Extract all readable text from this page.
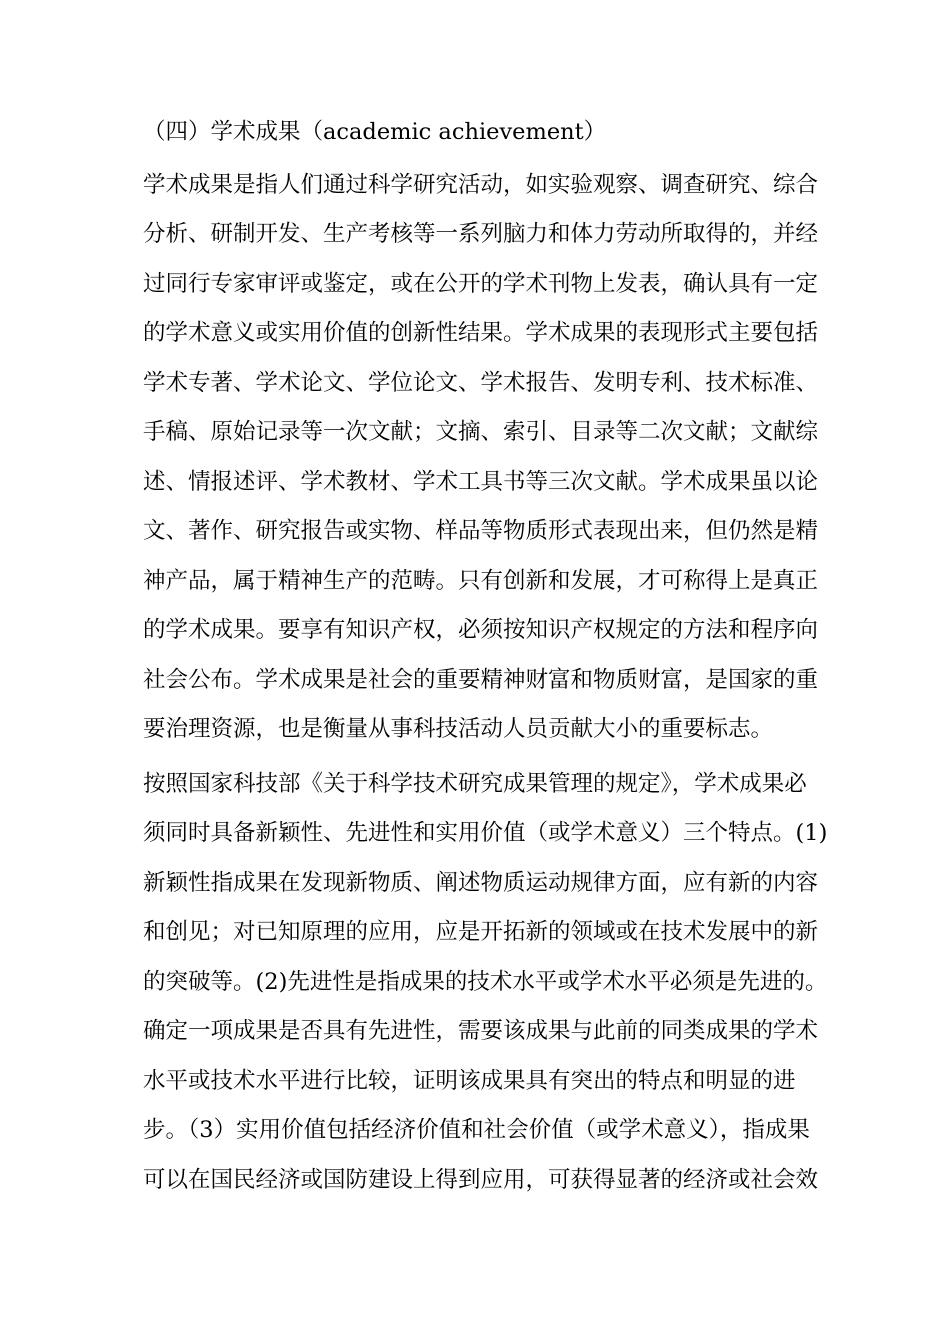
（四）学术成果（academic achievement）
学术成果是指人们通过科学研究活动，如实验观察、调查研究、综合
分析、研制开发、生产考核等一系列脑力和体力劳动所取得的，并经
过同行专家审评或鉴定，或在公开的学术刊物上发表，确认具有一定
的学术意义或实用价值的创新性结果。学术成果的表现形式主要包括
学术专著、学术论文、学位论文、学术报告、发明专利、技术标准、
手稿、原始记录等一次文献；文摘、索引、目录等二次文献；文献综
述、情报述评、学术教材、学术工具书等三次文献。学术成果虽以论
文、著作、研究报告或实物、样品等物质形式表现出来，但仍然是精
神产品，属于精神生产的范畴。只有创新和发展，才可称得上是真正
的学术成果。要享有知识产权，必须按知识产权规定的方法和程序向
社会公布。学术成果是社会的重要精神财富和物质财富，是国家的重
要治理资源，也是衡量从事科技活动人员贡献大小的重要标志。
按照国家科技部《关于科学技术研究成果管理的规定》，学术成果必
须同时具备新颖性、先进性和实用价值（或学术意义）三个特点。(1)
新颖性指成果在发现新物质、阐述物质运动规律方面，应有新的内容
和创见；对已知原理的应用，应是开拓新的领域或在技术发展中的新
的突破等。(2)先进性是指成果的技术水平或学术水平必须是先进的。
确定一项成果是否具有先进性，需要该成果与此前的同类成果的学术
水平或技术水平进行比较，证明该成果具有突出的特点和明显的进
步。（3）实用价值包括经济价值和社会价值（或学术意义），指成果
可以在国民经济或国防建设上得到应用，可获得显著的经济或社会效
